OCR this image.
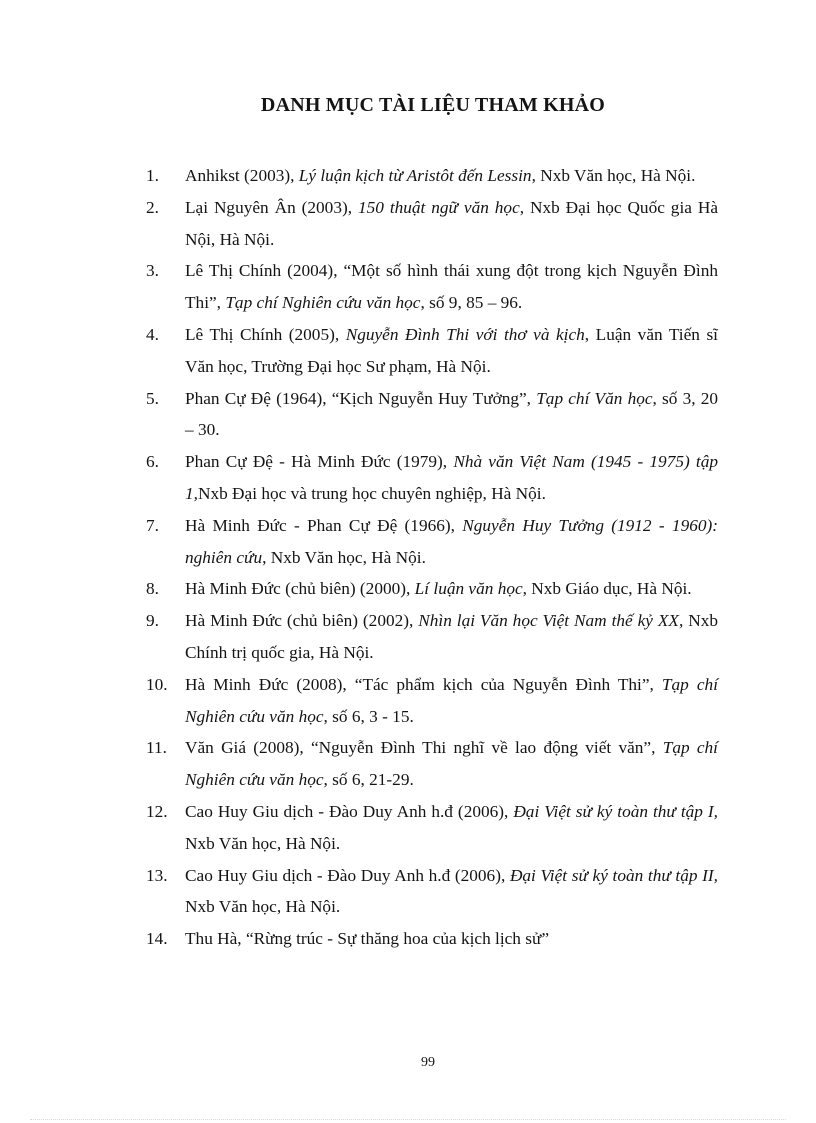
DANH MỤC TÀI LIỆU THAM KHẢO
1.	Anhikst (2003), Lý luận kịch từ Aristôt đến Lessin, Nxb Văn học, Hà Nội.
2.	Lại Nguyên Ân (2003), 150 thuật ngữ văn học, Nxb Đại học Quốc gia Hà Nội, Hà Nội.
3.	Lê Thị Chính (2004), “Một số hình thái xung đột trong kịch Nguyễn Đình Thi”, Tạp chí Nghiên cứu văn học, số 9, 85 – 96.
4.	Lê Thị Chính (2005), Nguyễn Đình Thi với thơ và kịch, Luận văn Tiến sĩ Văn học, Trường Đại học Sư phạm, Hà Nội.
5.	Phan Cự Đệ (1964), “Kịch Nguyễn Huy Tưởng”, Tạp chí Văn học, số 3, 20 – 30.
6.	Phan Cự Đệ - Hà Minh Đức (1979), Nhà văn Việt Nam (1945 - 1975) tập 1,Nxb Đại học và trung học chuyên nghiệp, Hà Nội.
7.	Hà Minh Đức - Phan Cự Đệ (1966), Nguyễn Huy Tưởng (1912 - 1960): nghiên cứu, Nxb Văn học, Hà Nội.
8.	Hà Minh Đức (chủ biên) (2000), Lí luận văn học, Nxb Giáo dục, Hà Nội.
9.	Hà Minh Đức (chủ biên) (2002), Nhìn lại Văn học Việt Nam thế kỷ XX, Nxb Chính trị quốc gia, Hà Nội.
10.	Hà Minh Đức (2008), “Tác phẩm kịch của Nguyễn Đình Thi”, Tạp chí Nghiên cứu văn học, số 6, 3 - 15.
11.	Văn Giá (2008), “Nguyễn Đình Thi nghĩ về lao động viết văn”, Tạp chí Nghiên cứu văn học, số 6, 21-29.
12.	Cao Huy Giu dịch - Đào Duy Anh h.đ (2006), Đại Việt sử ký toàn thư tập I, Nxb Văn học, Hà Nội.
13.	Cao Huy Giu dịch - Đào Duy Anh h.đ (2006), Đại Việt sử ký toàn thư tập II, Nxb Văn học, Hà Nội.
14.	Thu Hà, “Rừng trúc - Sự thăng hoa của kịch lịch sử”
99
